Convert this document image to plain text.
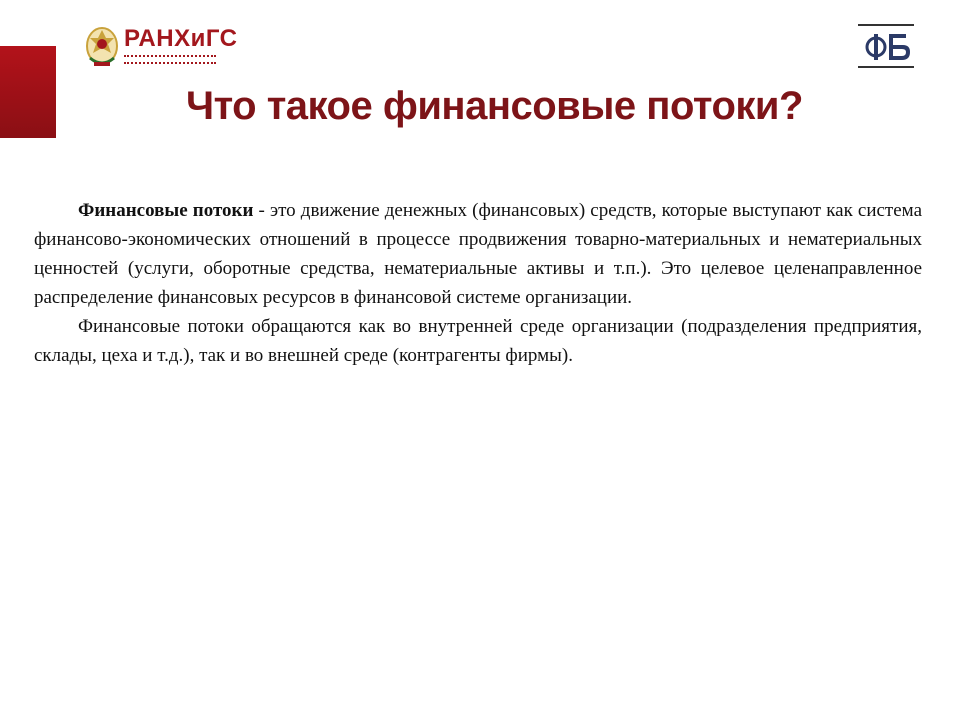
РАНХиГС
Что такое финансовые потоки?

Финансовые потоки - это движение денежных (финансовых) средств, которые выступают как система финансово-экономических отношений в процессе продвижения товарно-материальных и нематериальных ценностей (услуги, оборотные средства, нематериальные активы и т.п.). Это целевое целенаправленное распределение финансовых ресурсов в финансовой системе организации.

Финансовые потоки обращаются как во внутренней среде организации (подразделения предприятия, склады, цеха и т.д.), так и во внешней среде (контрагенты фирмы).
